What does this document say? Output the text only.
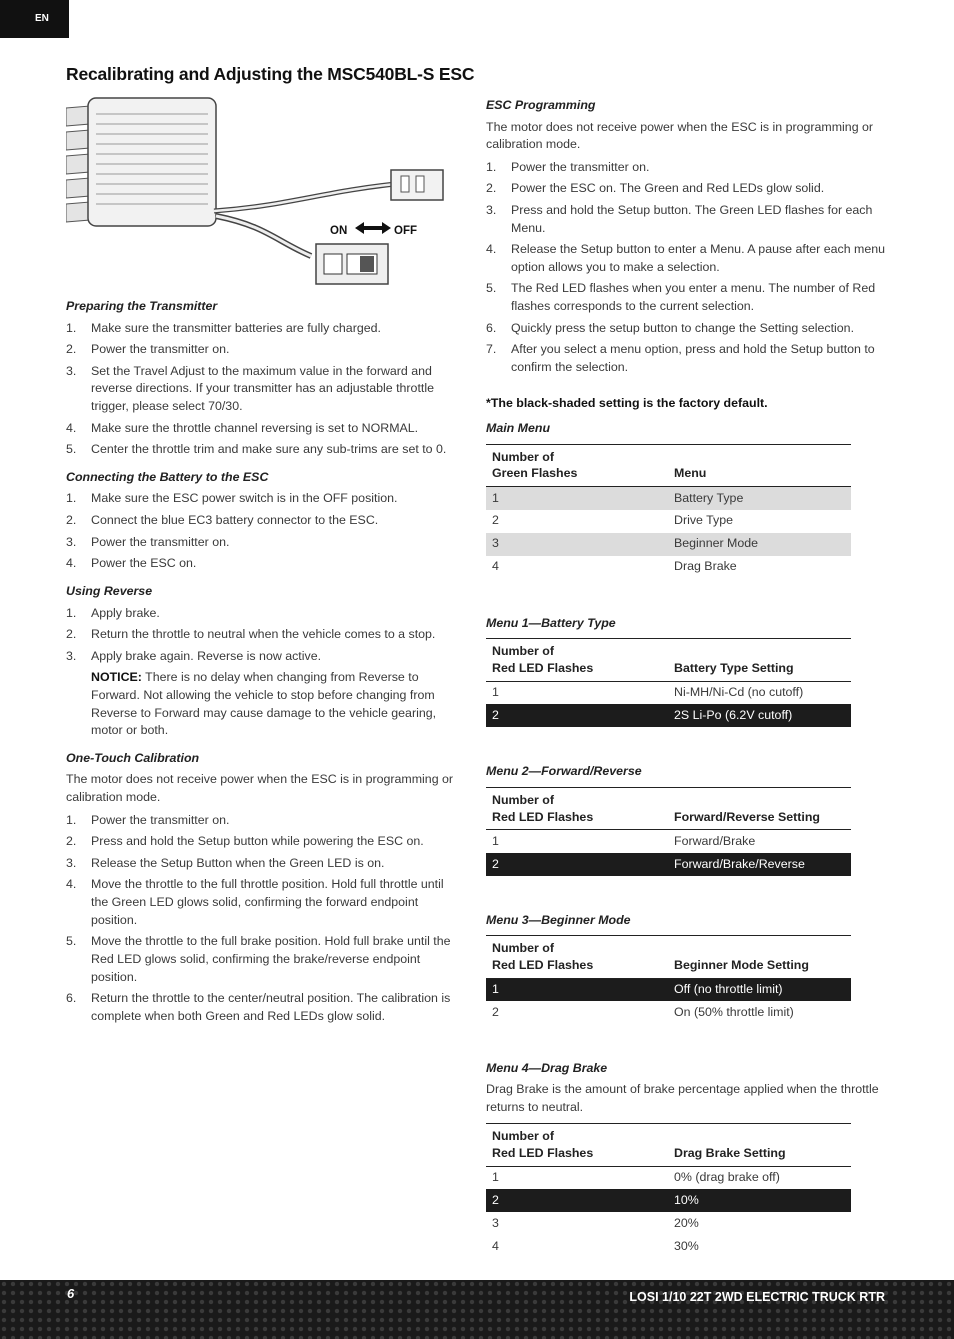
EN
Recalibrating and Adjusting the MSC540BL-S ESC
ON	OFF
Preparing the Transmitter
1. Make sure the transmitter batteries are fully charged.
2. Power the transmitter on.
3. Set the Travel Adjust to the maximum value in the forward and reverse directions. If your transmitter has an adjustable throttle trigger, please select 70/30.
4. Make sure the throttle channel reversing is set to NORMAL.
5. Center the throttle trim and make sure any sub-trims are set to 0.
Connecting the Battery to the ESC
1. Make sure the ESC power switch is in the OFF position.
2. Connect the blue EC3 battery connector to the ESC.
3. Power the transmitter on.
4. Power the ESC on.
Using Reverse
1. Apply brake.
2. Return the throttle to neutral when the vehicle comes to a stop.
3. Apply brake again. Reverse is now active.

NOTICE: There is no delay when changing from Reverse to Forward. Not allowing the vehicle to stop before changing from Reverse to Forward may cause damage to the vehicle gearing, motor or both.

One-Touch Calibration

The motor does not receive power when the ESC is in programming or calibration mode.

1. Power the transmitter on.
2. Press and hold the Setup button while powering the ESC on.
3. Release the Setup Button when the Green LED is on.
4. Move the throttle to the full throttle position. Hold full throttle until the Green LED glows solid, confirming the forward endpoint position.
5. Move the throttle to the full brake position. Hold full brake until the Red LED glows solid, confirming the brake/reverse endpoint position.
6. Return the throttle to the center/neutral position. The calibration is complete when both Green and Red LEDs glow solid.
ESC Programming

The motor does not receive power when the ESC is in programming or calibration mode.

1. Power the transmitter on.
2. Power the ESC on. The Green and Red LEDs glow solid.
3. Press and hold the Setup button. The Green LED flashes for each Menu.
4. Release the Setup button to enter a Menu. A pause after each menu option allows you to make a selection.
5. The Red LED flashes when you enter a menu. The number of Red flashes corresponds to the current selection.
6. Quickly press the setup button to change the Setting selection.
7. After you select a menu option, press and hold the Setup button to confirm the selection.

*The black-shaded setting is the factory default.

Main Menu
Number of
Green Flashes	Menu
1	Battery Type
2	Drive Type
3	Beginner Mode
4	Drag Brake
Menu 1—Battery Type
Number of
Red LED Flashes	Battery Type Setting
1	Ni-MH/Ni-Cd (no cutoff)
2	2S Li-Po (6.2V cutoff)
Menu 2—Forward/Reverse
Number of
Red LED Flashes	Forward/Reverse Setting
1	Forward/Brake
2	Forward/Brake/Reverse
Menu 3—Beginner Mode
Number of
Red LED Flashes	Beginner Mode Setting
1	Off (no throttle limit)
2	On (50% throttle limit)
Menu 4—Drag Brake

Drag Brake is the amount of brake percentage applied when the throttle returns to neutral.

Number of
Red LED Flashes	Drag Brake Setting
1	0% (drag brake off)
2	10%
3	20%
4	30%
6	LOSI 1/10 22T 2WD ELECTRIC TRUCK RTR
